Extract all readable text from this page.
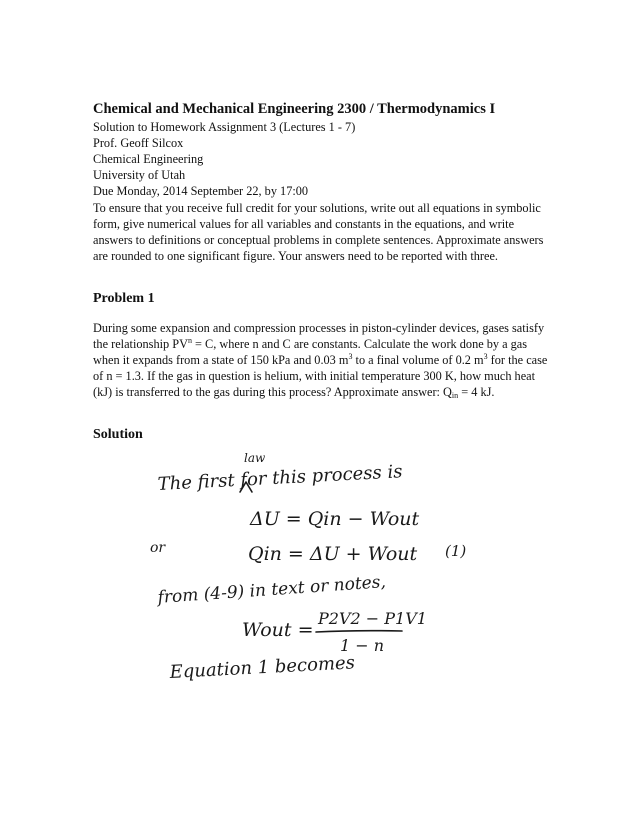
Chemical and Mechanical Engineering 2300 / Thermodynamics I
Solution to Homework Assignment 3 (Lectures 1 - 7)
Prof. Geoff Silcox
Chemical Engineering
University of Utah
Due Monday, 2014 September 22, by 17:00
To ensure that you receive full credit for your solutions, write out all equations in symbolic form, give numerical values for all variables and constants in the equations, and write answers to definitions or conceptual problems in complete sentences. Approximate answers are rounded to one significant figure. Your answers need to be reported with three.
Problem 1
During some expansion and compression processes in piston-cylinder devices, gases satisfy the relationship $PV^n = C$, where n and C are constants. Calculate the work done by a gas when it expands from a state of 150 kPa and 0.03 $m^3$ to a final volume of 0.2 $m^3$ for the case of n = 1.3. If the gas in question is helium, with initial temperature 300 K, how much heat (kJ) is transferred to the gas during this process? Approximate answer: $Q_{in} = 4$ kJ.
Solution
law
The first for this process is
ΔU = Qin − Wout
or	Qin = ΔU + Wout (1)
from (4-9) in text or notes,
Wout =
P2V2 − P1V1
1 − n
Equation 1 becomes
